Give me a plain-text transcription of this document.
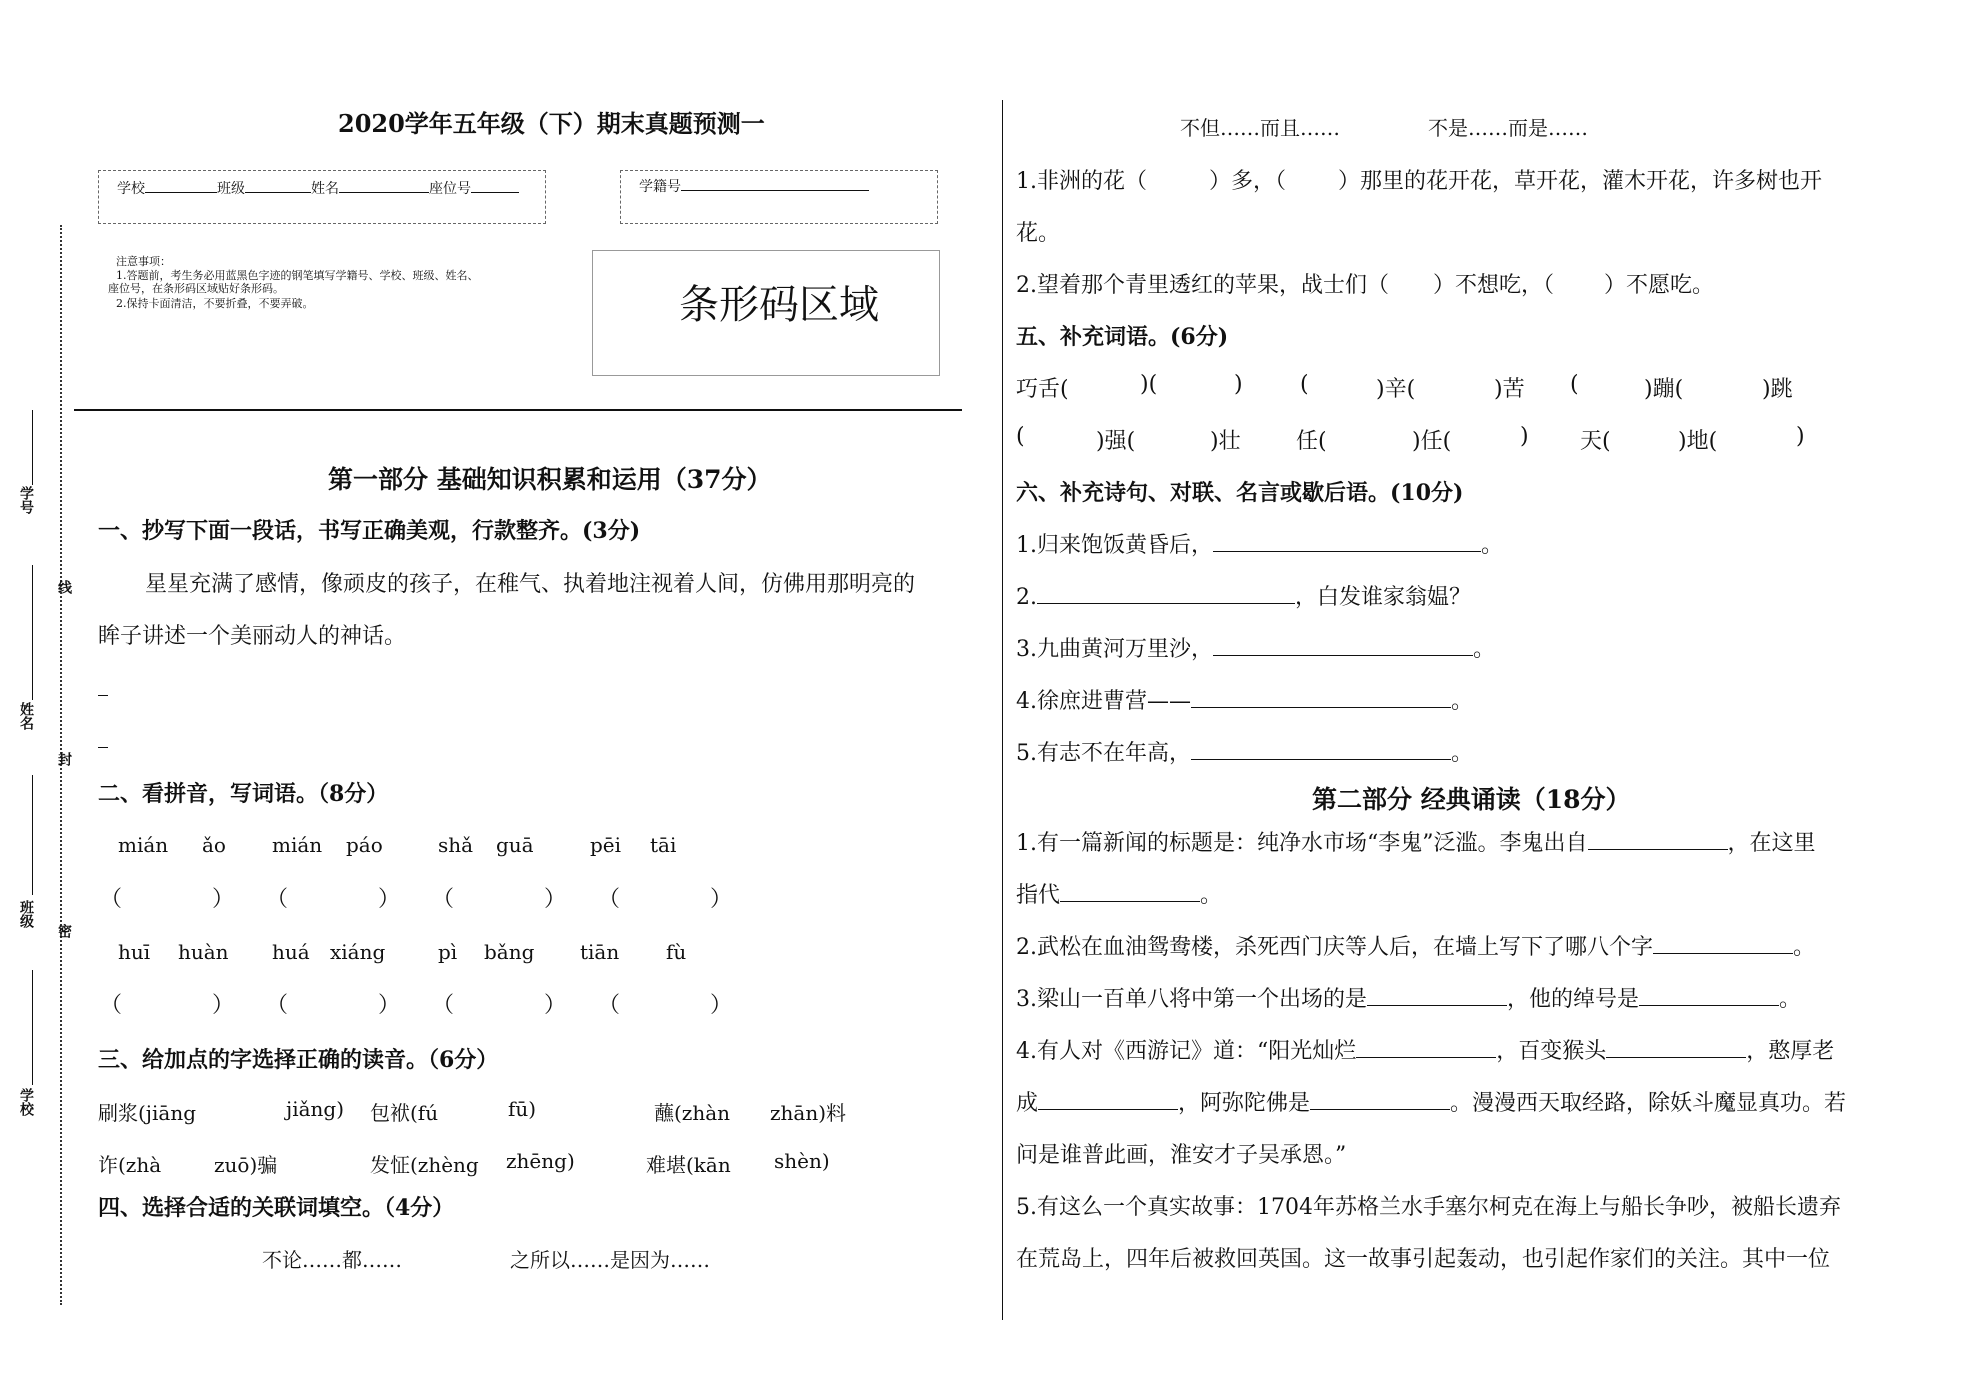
线
封
密
学号
姓名
班级
学校
2020学年五年级（下）期末真题预测一
学校	班级	姓名	座位号	学籍号
注意事项：
1.答题前，考生务必用蓝黑色字迹的钢笔填写学籍号、学校、班级、姓名、
座位号，在条形码区域贴好条形码。
2.保持卡面清洁，不要折叠，不要弄破。	条形码区域
第一部分 基础知识积累和运用（37分）
一、抄写下面一段话，书写正确美观，行款整齐。(3分)
星星充满了感情，像顽皮的孩子，在稚气、执着地注视着人间，仿佛用那明亮的
眸子讲述一个美丽动人的神话。
二、看拼音，写词语。（8分）
mián ǎo mián páo	shǎ guā	pēi tāi
（	） （	） （	） （	）
huī huàn huá xiáng	pì bǎng tiān fù
（	） （	） （	） （	）
三、给加点的字选择正确的读音。（6分）
刷浆(jiāng	jiǎng) 包袱(fú	fū)	蘸(zhàn zhān)料
诈(zhà	zuō)骗	发怔(zhèng zhēng)	难堪(kān shèn)
四、选择合适的关联词填空。（4分）
不论……都……	之所以……是因为……
不但……而且……	不是……而是……
1.非洲的花（	）多，（ ）那里的花开花，草开花，灌木开花，许多树也开
花。
2.望着那个青里透红的苹果，战士们（ ）不想吃，（ ）不愿吃。
五、补充词语。(6分)
巧舌(	)(	)	(	)辛(	)苦 (	)蹦(	)跳
(	)强(	)壮	任(	)任(	) 天(	)地(	)
六、补充诗句、对联、名言或歇后语。(10分)
1.归来饱饭黄昏后，	。
2.	，白发谁家翁媪？
3.九曲黄河万里沙，	。
4.徐庶进曹营——	。
5.有志不在年高，	。
第二部分 经典诵读（18分）
1.有一篇新闻的标题是：纯净水市场“李鬼”泛滥。李鬼出自	，在这里
指代	。
2.武松在血油鸳鸯楼，杀死西门庆等人后，在墙上写下了哪八个字	。
3.梁山一百单八将中第一个出场的是	，他的绰号是	。
4.有人对《西游记》道：“阳光灿烂	，百变猴头	，憨厚老
成	，阿弥陀佛是	。漫漫西天取经路，除妖斗魔显真功。若
问是谁普此画，淮安才子吴承恩。”
5.有这么一个真实故事：1704年苏格兰水手塞尔柯克在海上与船长争吵，被船长遗弃
在荒岛上，四年后被救回英国。这一故事引起轰动，也引起作家们的关注。其中一位
